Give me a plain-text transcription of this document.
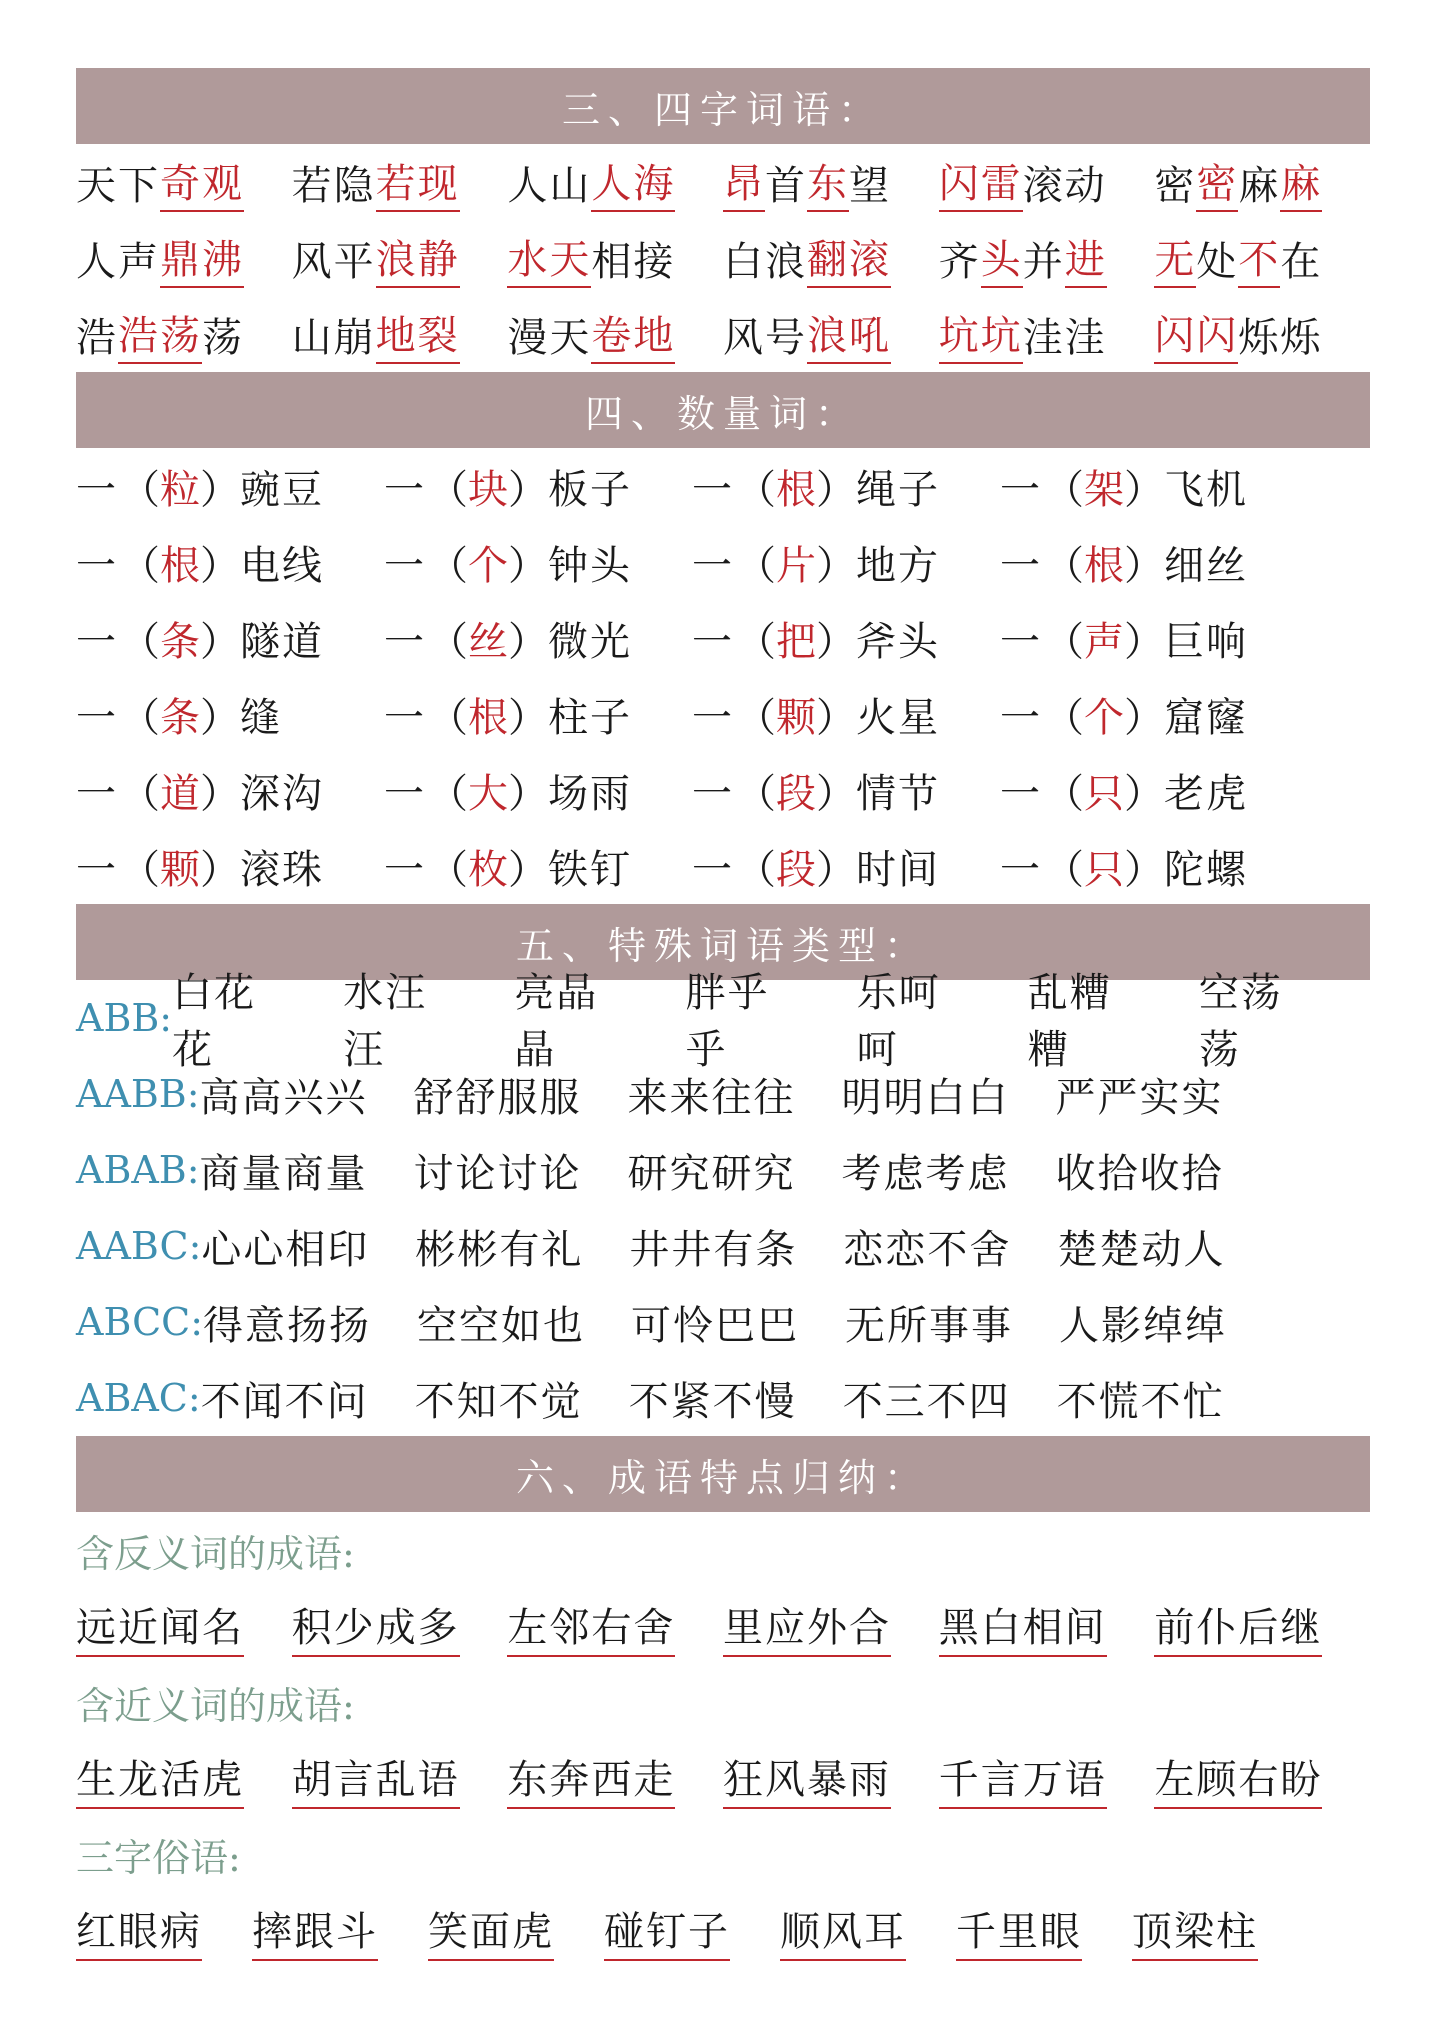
三、四字词语：
天下 奇观 若隐 若现 人山 人海 昂 首 东 望 闪雷 滚动 密 密 麻 麻
人声 鼎沸 风平 浪静 水天 相接 白浪 翻滚 齐 头 并 进 无 处 不 在
浩 浩荡 荡 山崩 地裂 漫天 卷地 风号 浪吼 坑坑 洼洼 闪闪 烁烁
四、数量词：
一 （ 粒 ） 豌豆 一 （ 块 ） 板子 一 （ 根 ） 绳子 一 （ 架 ） 飞机
一 （ 根 ） 电线 一 （ 个 ） 钟头 一 （ 片 ） 地方 一 （ 根 ） 细丝
一 （ 条 ） 隧道 一 （ 丝 ） 微光 一 （ 把 ） 斧头 一 （ 声 ） 巨响
一 （ 条 ） 缝	一 （ 根 ） 柱子 一 （ 颗 ） 火星 一 （ 个 ） 窟窿
一 （ 道 ） 深沟 一 （ 大 ） 场雨 一 （ 段 ） 情节 一 （ 只 ） 老虎
一 （ 颗 ） 滚珠 一 （ 枚 ） 铁钉 一 （ 段 ） 时间 一 （ 只 ） 陀螺
五、特殊词语类型：
ABB:
白花花
水汪汪
亮晶晶
胖乎乎
乐呵呵
乱糟糟
空荡荡
AABB: 高高兴兴 舒舒服服 来来往往 明明白白 严严实实
ABAB: 商量商量 讨论讨论 研究研究 考虑考虑 收拾收拾
AABC: 心心相印 彬彬有礼 井井有条 恋恋不舍 楚楚动人
ABCC: 得意扬扬 空空如也 可怜巴巴 无所事事 人影绰绰
ABAC: 不闻不问 不知不觉 不紧不慢 不三不四 不慌不忙
六、成语特点归纳：
含反义词的成语:
远近闻名 积少成多 左邻右舍 里应外合 黑白相间 前仆后继
含近义词的成语:
生龙活虎 胡言乱语 东奔西走 狂风暴雨 千言万语 左顾右盼
三字俗语:
红眼病 摔跟斗 笑面虎 碰钉子 顺风耳 千里眼 顶梁柱
